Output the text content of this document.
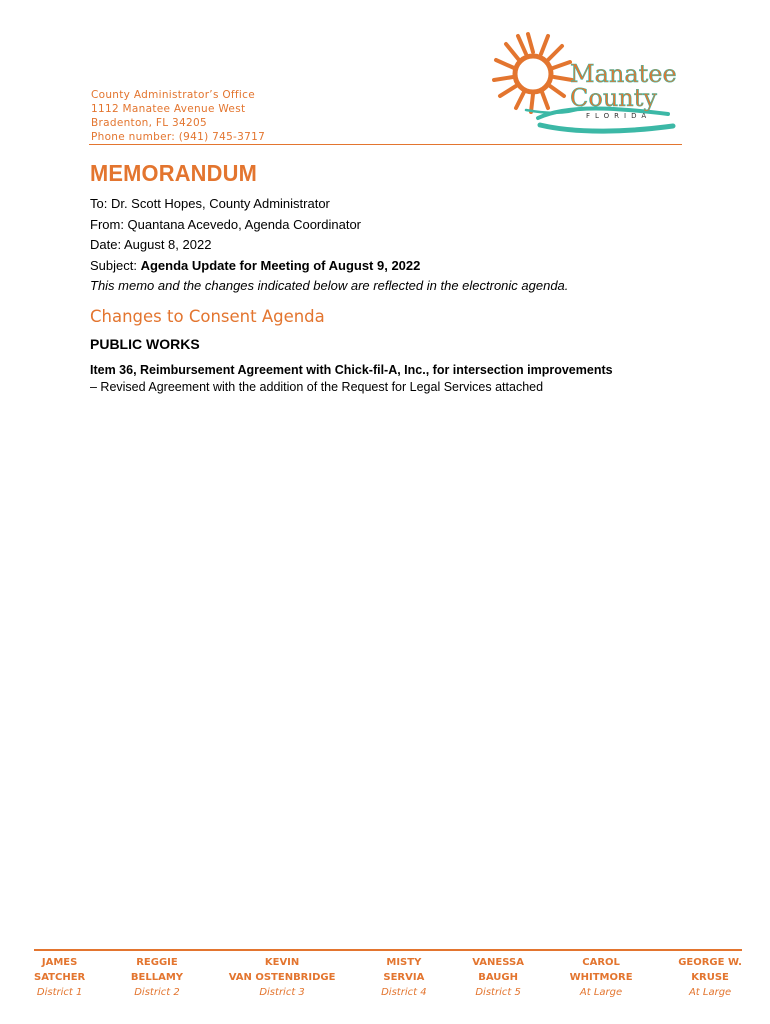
County Administrator’s Office
1112 Manatee Avenue West
Bradenton, FL 34205
Phone number: (941) 745-3717
Manatee
County
FLORIDA
MEMORANDUM
To: Dr. Scott Hopes, County Administrator
From: Quantana Acevedo, Agenda Coordinator
Date: August 8, 2022
Subject: Agenda Update for Meeting of August 9, 2022
This memo and the changes indicated below are reflected in the electronic agenda.
Changes to Consent Agenda
PUBLIC WORKS
Item 36, Reimbursement Agreement with Chick-fil-A, Inc., for intersection improvements
– Revised Agreement with the addition of the Request for Legal Services attached
JAMES
SATCHER
District 1
REGGIE
BELLAMY
District 2
KEVIN
VAN OSTENBRIDGE
District 3
MISTY
SERVIA
District 4
VANESSA
BAUGH
District 5
CAROL
WHITMORE
At Large
GEORGE W.
KRUSE
At Large
